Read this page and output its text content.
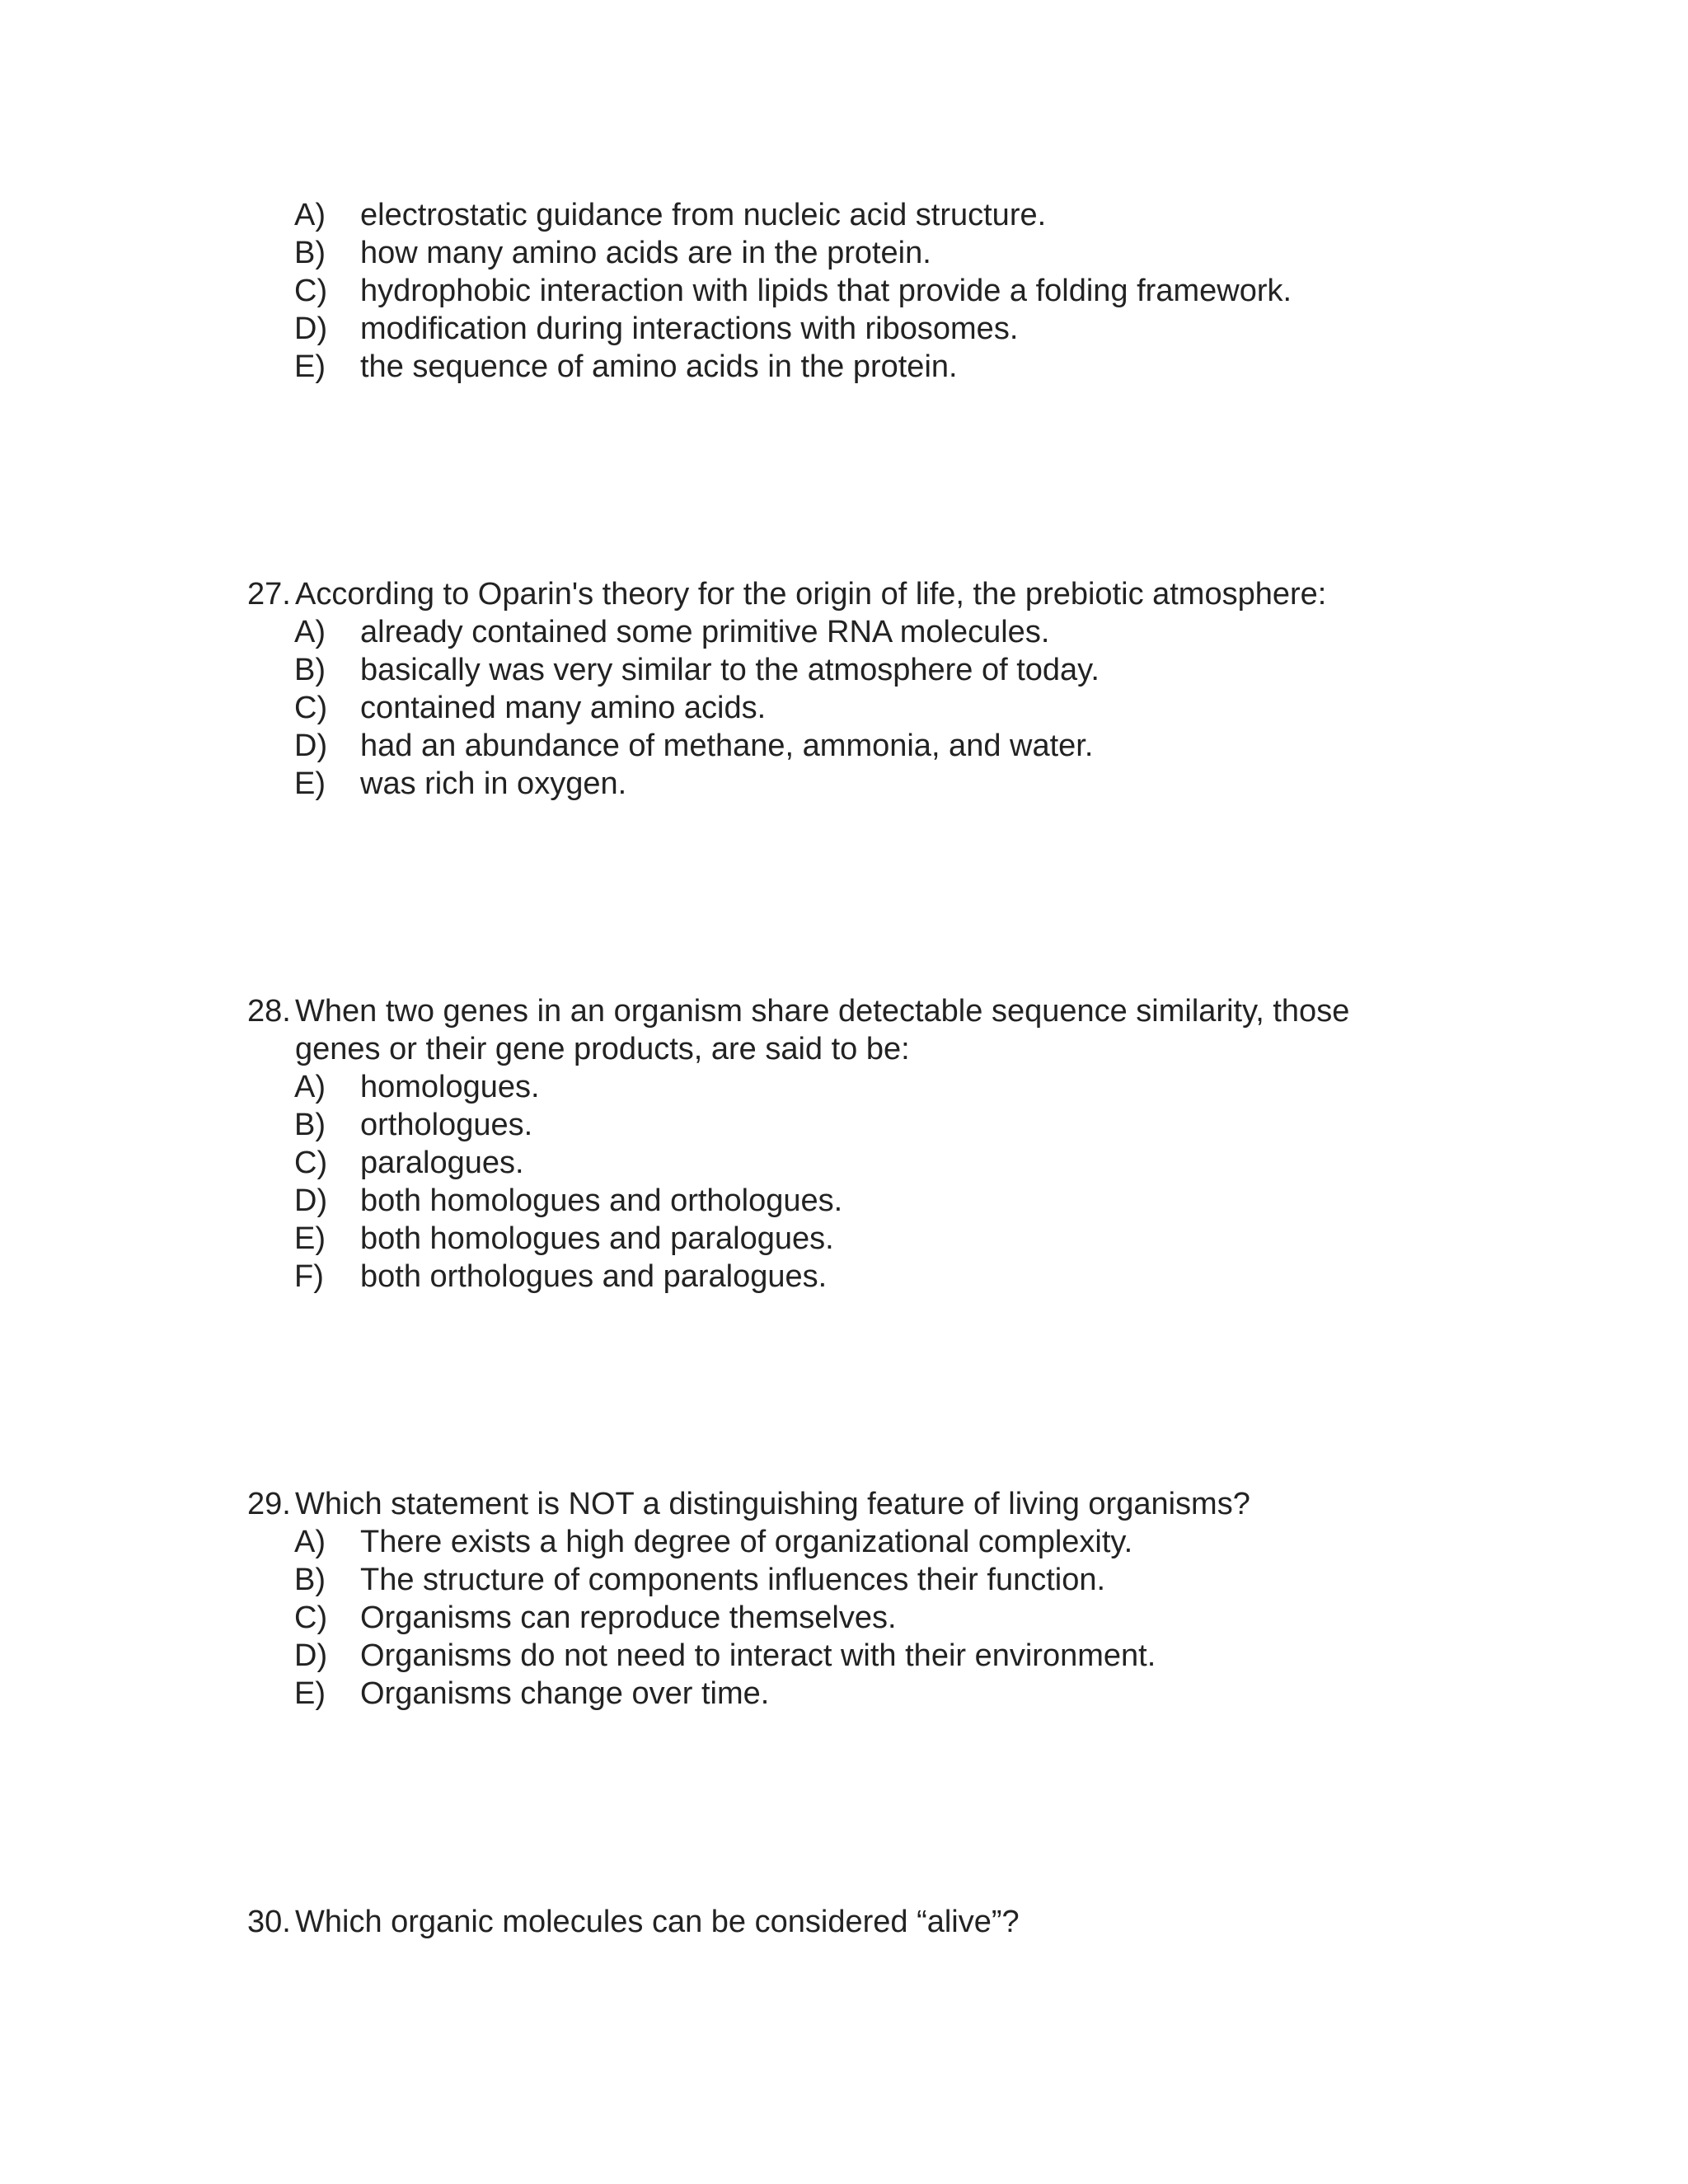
A) electrostatic guidance from nucleic acid structure.
B) how many amino acids are in the protein.
C) hydrophobic interaction with lipids that provide a folding framework.
D) modification during interactions with ribosomes.
E) the sequence of amino acids in the protein.
27. According to Oparin's theory for the origin of life, the prebiotic atmosphere:
A) already contained some primitive RNA molecules.
B) basically was very similar to the atmosphere of today.
C) contained many amino acids.
D) had an abundance of methane, ammonia, and water.
E) was rich in oxygen.
28. When two genes in an organism share detectable sequence similarity, those
genes or their gene products, are said to be:
A) homologues.
B) orthologues.
C) paralogues.
D) both homologues and orthologues.
E) both homologues and paralogues.
F) both orthologues and paralogues.
29. Which statement is NOT a distinguishing feature of living organisms?
A) There exists a high degree of organizational complexity.
B) The structure of components influences their function.
C) Organisms can reproduce themselves.
D) Organisms do not need to interact with their environment.
E) Organisms change over time.
30. Which organic molecules can be considered “alive”?
